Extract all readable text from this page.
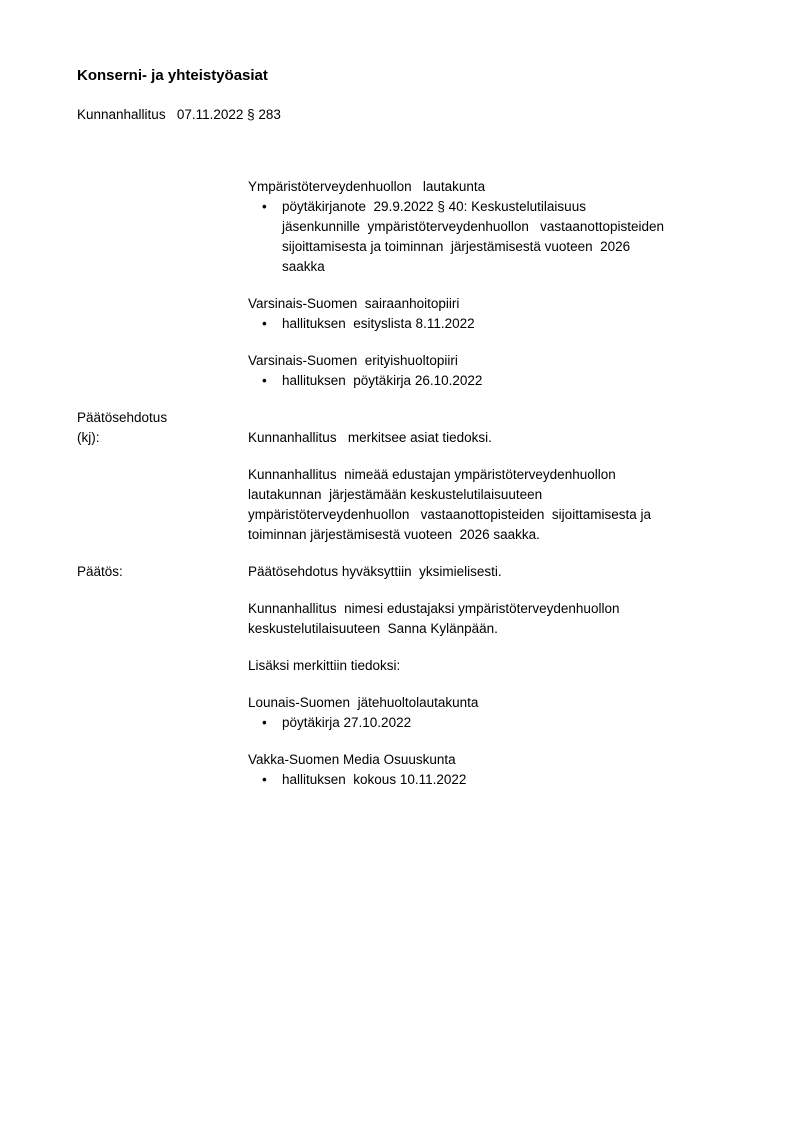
Konserni- ja yhteistyöasiat
Kunnanhallitus   07.11.2022 § 283
Ympäristöterveydenhuollon   lautakunta
•	pöytäkirjanote  29.9.2022 § 40: Keskustelutilaisuus
jäsenkunnille  ympäristöterveydenhuollon   vastaanottopisteiden
sijoittamisesta ja toiminnan  järjestämisestä vuoteen  2026
saakka
Varsinais-Suomen  sairaanhoitopiiri
•	hallituksen  esityslista 8.11.2022
Varsinais-Suomen  erityishuoltopiiri
•	hallituksen  pöytäkirja 26.10.2022
Päätösehdotus
(kj):	Kunnanhallitus   merkitsee asiat tiedoksi.
Kunnanhallitus  nimeää edustajan ympäristöterveydenhuollon
lautakunnan  järjestämään keskustelutilaisuuteen
ympäristöterveydenhuollon   vastaanottopisteiden  sijoittamisesta ja
toiminnan järjestämisestä vuoteen  2026 saakka.
Päätös:	Päätösehdotus hyväksyttiin  yksimielisesti.
Kunnanhallitus  nimesi edustajaksi ympäristöterveydenhuollon
keskustelutilaisuuteen  Sanna Kylänpään.
Lisäksi merkittiin tiedoksi:
Lounais-Suomen  jätehuoltolautakunta
•	pöytäkirja 27.10.2022
Vakka-Suomen Media Osuuskunta
•	hallituksen  kokous 10.11.2022
